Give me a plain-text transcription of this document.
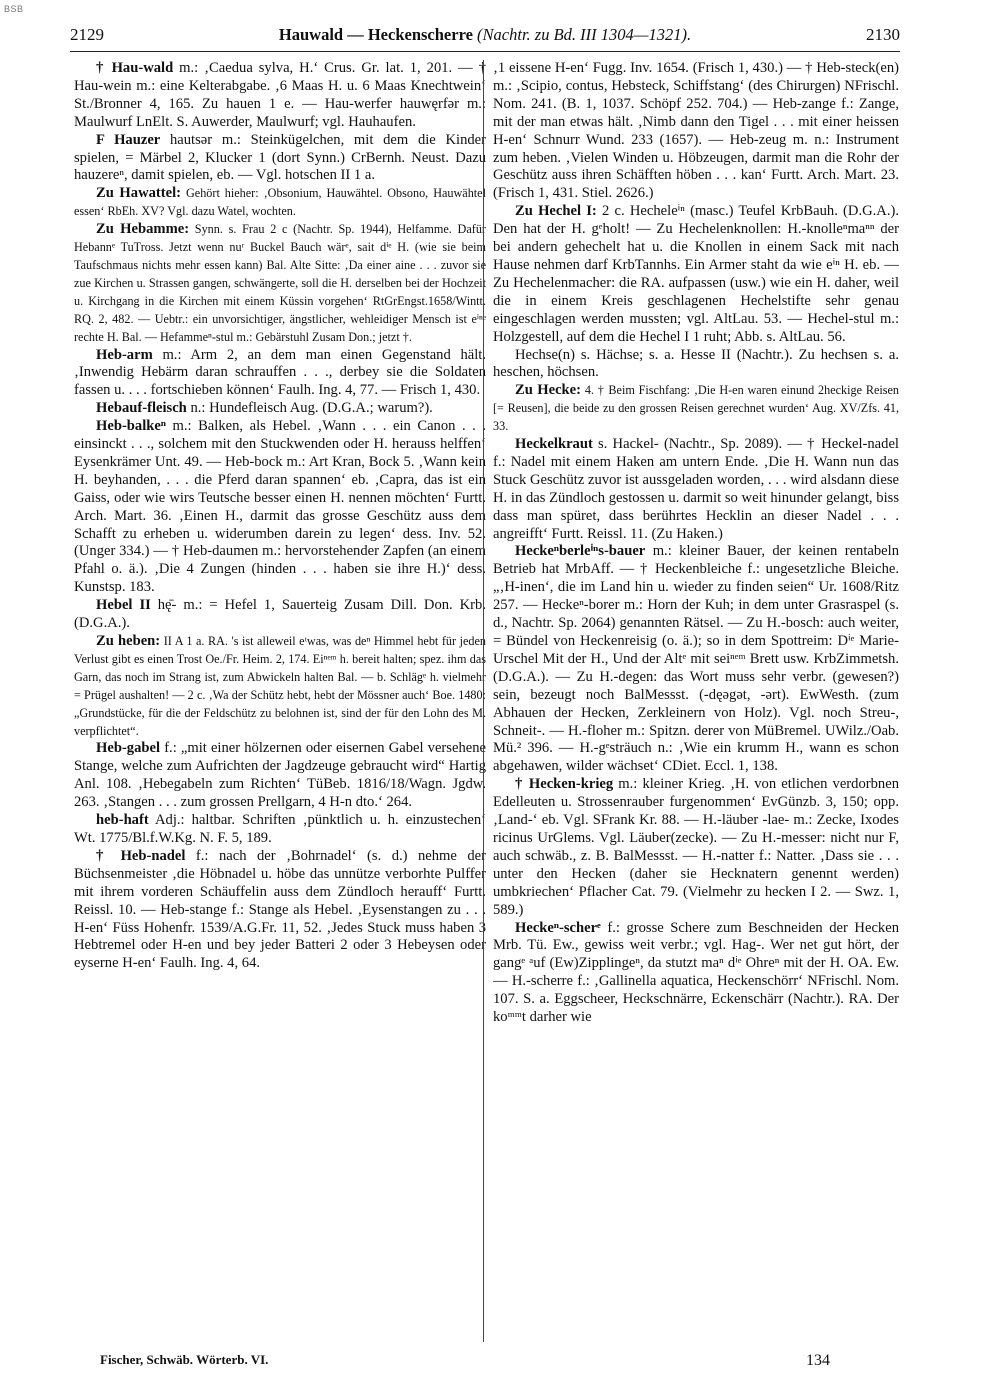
BSB
2129	Hauwald — Heckenscherre (Nachtr. zu Bd. III 1304—1321).	2130

† Hau-wald m.: ‚Caedua sylva, H.‘ Crus. Gr. lat. 1, 201. — † Hau-wein m.: eine Kelterabgabe. ‚6 Maas H. u. 6 Maas Knechtwein‘ St./Bronner 4, 165. Zu hauen 1 e. — Hau-werfer hauwęrfər m.: Maulwurf LnElt. S. Auwerder, Maulwurf; vgl. Hauhaufen.

F Hauzer hautsər m.: Steinkügelchen, mit dem die Kinder spielen, = Märbel 2, Klucker 1 (dort Synn.) CrBernh. Neust. Dazu hauzereⁿ, damit spielen, eb. — Vgl. hotschen II 1 a.

Zu Hawattel: Gehört hieher: ‚Obsonium, Hauwähtel. Obsono, Hauwähtel essen‘ RbEh. XV? Vgl. dazu Watel, wochten.

Zu Hebamme: Synn. s. Frau 2 c (Nachtr. Sp. 1944), Helfamme. Dafür Hebannᵉ TuTross. Jetzt wenn nuʳ Buckel Bauch wärᵉ, sait dⁱᵉ H. (wie sie beim Taufschmaus nichts mehr essen kann) Bal. Alte Sitte: ‚Da einer aine . . . zuvor sie zue Kirchen u. Strassen gangen, schwängerte, soll die H. derselben bei der Hochzeit u. Kirchgang in die Kirchen mit einem Küssin vorgehen‘ RtGrEngst.1658/Wintt. RQ. 2, 482. — Uebtr.: ein unvorsichtiger, ängstlicher, wehleidiger Mensch ist eⁱⁿᵉ rechte H. Bal. — Hefammeⁿ-stul m.: Gebärstuhl Zusam Don.; jetzt †.

Heb-arm m.: Arm 2, an dem man einen Gegenstand hält. ‚Inwendig Hebärm daran schrauffen . . ., derbey sie die Soldaten fassen u. . . . fortschieben können‘ Faulh. Ing. 4, 77. — Frisch 1, 430.

Hebauf-fleisch n.: Hundefleisch Aug. (D.G.A.; warum?).

Heb-balkeⁿ m.: Balken, als Hebel. ‚Wann . . . ein Canon . . . einsinckt . . ., solchem mit den Stuckwenden oder H. herauss helffen‘ Eysenkrämer Unt. 49. — Heb-bock m.: Art Kran, Bock 5. ‚Wann kein H. beyhanden, . . . die Pferd daran spannen‘ eb. ‚Capra, das ist ein Gaiss, oder wie wirs Teutsche besser einen H. nennen möchten‘ Furtt. Arch. Mart. 36. ‚Einen H., darmit das grosse Geschütz auss dem Schafft zu erheben u. widerumben darein zu legen‘ dess. Inv. 52. (Unger 334.) — † Heb-daumen m.: hervorstehender Zapfen (an einem Pfahl o. ä.). ‚Die 4 Zungen (hinden . . . haben sie ihre H.)‘ dess. Kunstsp. 183.

Hebel II hę̄- m.: = Hefel 1, Sauerteig Zusam Dill. Don. Krb. (D.G.A.).

Zu heben: II A 1 a. RA. 's ist alleweil eᵗwas, was deⁿ Himmel hebt für jeden Verlust gibt es einen Trost Oe./Fr. Heim. 2, 174. Eiⁿᵉᵐ h. bereit halten; spez. ihm das Garn, das noch im Strang ist, zum Abwickeln halten Bal. — b. Schlägᵉ h. vielmehr = Prügel aushalten! — 2 c. ‚Wa der Schütz hebt, hebt der Mössner auch‘ Boe. 1480: „Grundstücke, für die der Feldschütz zu belohnen ist, sind der für den Lohn des M. verpflichtet“.

Heb-gabel f.: „mit einer hölzernen oder eisernen Gabel versehene Stange, welche zum Aufrichten der Jagdzeuge gebraucht wird“ Hartig Anl. 108. ‚Hebegabeln zum Richten‘ TüBeb. 1816/18/Wagn. Jgdw. 263. ‚Stangen . . . zum grossen Prellgarn, 4 H-n dto.‘ 264.

heb-haft Adj.: haltbar. Schriften ‚pünktlich u. h. einzustechen‘ Wt. 1775/Bl.f.W.Kg. N. F. 5, 189.

† Heb-nadel f.: nach der ‚Bohrnadel‘ (s. d.) nehme der Büchsenmeister ‚die Höbnadel u. höbe das unnütze verborhte Pulffer mit ihrem vorderen Schäuffelin auss dem Zündloch herauff‘ Furtt. Reissl. 10. — Heb-stange f.: Stange als Hebel. ‚Eysenstangen zu . . . H-en‘ Füss Hohenfr. 1539/A.G.Fr. 11, 52. ‚Jedes Stuck muss haben 3 Hebtremel oder H-en und bey jeder Batteri 2 oder 3 Hebeysen oder eyserne H-en‘ Faulh. Ing. 4, 64.

‚1 eissene H-en‘ Fugg. Inv. 1654. (Frisch 1, 430.) — † Heb-steck(en) m.: ‚Scipio, contus, Hebsteck, Schiffstang‘ (des Chirurgen) NFrischl. Nom. 241. (B. 1, 1037. Schöpf 252. 704.) — Heb-zange f.: Zange, mit der man etwas hält. ‚Nimb dann den Tigel . . . mit einer heissen H-en‘ Schnurr Wund. 233 (1657). — Heb-zeug m. n.: Instrument zum heben. ‚Vielen Winden u. Höbzeugen, darmit man die Rohr der Geschütz auss ihren Schäfften höben . . . kan‘ Furtt. Arch. Mart. 23. (Frisch 1, 431. Stiel. 2626.)

Zu Hechel I: 2 c. Hecheleⁱⁿ (masc.) Teufel KrbBauh. (D.G.A.). Den hat der H. gᵉholt! — Zu Hechelenknollen: H.-knolleⁿmaⁿⁿ der bei andern gehechelt hat u. die Knollen in einem Sack mit nach Hause nehmen darf KrbTannhs. Ein Armer staht da wie eⁱⁿ H. eb. — Zu Hechelenmacher: die RA. aufpassen (usw.) wie ein H. daher, weil die in einem Kreis geschlagenen Hechelstifte sehr genau eingeschlagen werden mussten; vgl. AltLau. 53. — Hechel-stul m.: Holzgestell, auf dem die Hechel I 1 ruht; Abb. s. AltLau. 56.

Hechse(n) s. Hächse; s. a. Hesse II (Nachtr.). Zu hechsen s. a. heschen, höchsen.

Zu Hecke: 4. † Beim Fischfang: ‚Die H-en waren einund 2heckige Reisen [= Reusen], die beide zu den grossen Reisen gerechnet wurden‘ Aug. XV/Zfs. 41, 33.

Heckelkraut s. Hackel- (Nachtr., Sp. 2089). — † Heckel-nadel f.: Nadel mit einem Haken am untern Ende. ‚Die H. Wann nun das Stuck Geschütz zuvor ist aussgeladen worden, . . . wird alsdann diese H. in das Zündloch gestossen u. darmit so weit hinunder gelangt, biss dass man spüret, dass berührtes Hecklin an dieser Nadel . . . angreifft‘ Furtt. Reissl. 11. (Zu Haken.)

Heckeⁿberleⁱⁿs-bauer m.: kleiner Bauer, der keinen rentabeln Betrieb hat MrbAff. — † Heckenbleiche f.: ungesetzliche Bleiche. „‚H-inen‘, die im Land hin u. wieder zu finden seien“ Ur. 1608/Ritz 257. — Heckeⁿ-borer m.: Horn der Kuh; in dem unter Grasraspel (s. d., Nachtr. Sp. 2064) genannten Rätsel. — Zu H.-bosch: auch weiter, = Bündel von Heckenreisig (o. ä.); so in dem Spottreim: Dⁱᵉ Marie-Urschel Mit der H., Und der Altᵉ mit seiⁿᵉᵐ Brett usw. KrbZimmetsh. (D.G.A.). — Zu H.-degen: das Wort muss sehr verbr. (gewesen?) sein, bezeugt noch BalMessst. (-dęəgət, -ərt). EwWesth. (zum Abhauen der Hecken, Zerkleinern von Holz). Vgl. noch Streu-, Schneit-. — H.-floher m.: Spitzn. derer von MüBremel. UWilz./Oab. Mü.² 396. — H.-gᵉsträuch n.: ‚Wie ein krumm H., wann es schon abgehawen, wilder wächset‘ CDiet. Eccl. 1, 138.

† Hecken-krieg m.: kleiner Krieg. ‚H. von etlichen verdorbnen Edelleuten u. Strossenrauber furgenommen‘ EvGünzb. 3, 150; opp. ‚Land-‘ eb. Vgl. SFrank Kr. 88. — H.-läuber -lae- m.: Zecke, Ixodes ricinus UrGlems. Vgl. Läuber(zecke). — Zu H.-messer: nicht nur F, auch schwäb., z. B. BalMessst. — H.-natter f.: Natter. ‚Dass sie . . . unter den Hecken (daher sie Hecknatern genennt werden) umbkriechen‘ Pflacher Cat. 79. (Vielmehr zu hecken I 2. — Swz. 1, 589.)

Heckeⁿ-scherᵉ f.: grosse Schere zum Beschneiden der Hecken Mrb. Tü. Ew., gewiss weit verbr.; vgl. Hag-. Wer net gut hört, der gangᵉ ᵃuf (Ew)Zipplingeⁿ, da stutzt maⁿ dⁱᵉ Ohreⁿ mit der H. OA. Ew. — H.-scherre f.: ‚Gallinella aquatica, Heckenschörr‘ NFrischl. Nom. 107. S. a. Eggscheer, Heckschnärre, Eckenschärr (Nachtr.). RA. Der koᵐᵐt darher wie

Fischer, Schwäb. Wörterb. VI.	134
